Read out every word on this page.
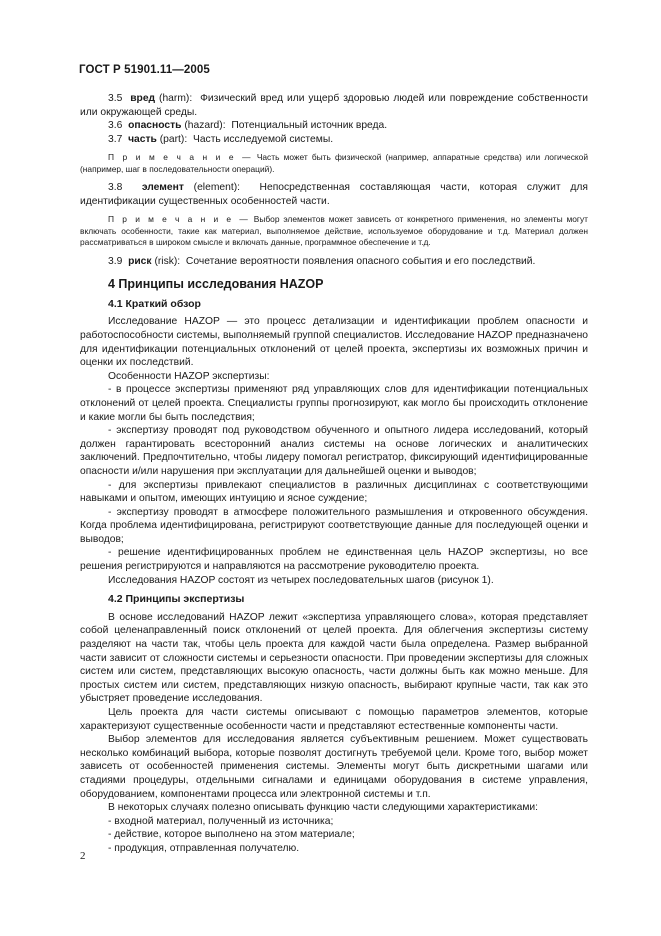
ГОСТ Р 51901.11—2005

3.5 вред (harm): Физический вред или ущерб здоровью людей или повреждение собственности или окружающей среды.

3.6 опасность (hazard): Потенциальный источник вреда.

3.7 часть (part): Часть исследуемой системы.

П р и м е ч а н и е — Часть может быть физической (например, аппаратные средства) или логической (например, шаг в последовательности операций).

3.8 элемент (element): Непосредственная составляющая части, которая служит для идентификации существенных особенностей части.

П р и м е ч а н и е — Выбор элементов может зависеть от конкретного применения, но элементы могут включать особенности, такие как материал, выполняемое действие, используемое оборудование и т.д. Материал должен рассматриваться в широком смысле и включать данные, программное обеспечение и т.д.

3.9 риск (risk): Сочетание вероятности появления опасного события и его последствий.

4 Принципы исследования HAZOP

4.1 Краткий обзор

Исследование HAZOP — это процесс детализации и идентификации проблем опасности и работоспособности системы, выполняемый группой специалистов. Исследование HAZOP предназначено для идентификации потенциальных отклонений от целей проекта, экспертизы их возможных причин и оценки их последствий.

Особенности HAZOP экспертизы:

- в процессе экспертизы применяют ряд управляющих слов для идентификации потенциальных отклонений от целей проекта. Специалисты группы прогнозируют, как могло бы происходить отклонение и какие могли бы быть последствия;

- экспертизу проводят под руководством обученного и опытного лидера исследований, который должен гарантировать всесторонний анализ системы на основе логических и аналитических заключений. Предпочтительно, чтобы лидеру помогал регистратор, фиксирующий идентифицированные опасности и/или нарушения при эксплуатации для дальнейшей оценки и выводов;

- для экспертизы привлекают специалистов в различных дисциплинах с соответствующими навыками и опытом, имеющих интуицию и ясное суждение;

- экспертизу проводят в атмосфере положительного размышления и откровенного обсуждения. Когда проблема идентифицирована, регистрируют соответствующие данные для последующей оценки и выводов;

- решение идентифицированных проблем не единственная цель HAZOP экспертизы, но все решения регистрируются и направляются на рассмотрение руководителю проекта.

Исследования HAZOP состоят из четырех последовательных шагов (рисунок 1).

4.2 Принципы экспертизы

В основе исследований HAZOP лежит «экспертиза управляющего слова», которая представляет собой целенаправленный поиск отклонений от целей проекта. Для облегчения экспертизы систему разделяют на части так, чтобы цель проекта для каждой части была определена. Размер выбранной части зависит от сложности системы и серьезности опасности. При проведении экспертизы для сложных систем или систем, представляющих высокую опасность, части должны быть как можно меньше. Для простых систем или систем, представляющих низкую опасность, выбирают крупные части, так как это убыстряет проведение исследования.

Цель проекта для части системы описывают с помощью параметров элементов, которые характеризуют существенные особенности части и представляют естественные компоненты части.

Выбор элементов для исследования является субъективным решением. Может существовать несколько комбинаций выбора, которые позволят достигнуть требуемой цели. Кроме того, выбор может зависеть от особенностей применения системы. Элементы могут быть дискретными шагами или стадиями процедуры, отдельными сигналами и единицами оборудования в системе управления, оборудованием, компонентами процесса или электронной системы и т.п.

В некоторых случаях полезно описывать функцию части следующими характеристиками:

- входной материал, полученный из источника;

- действие, которое выполнено на этом материале;

- продукция, отправленная получателю.

2
